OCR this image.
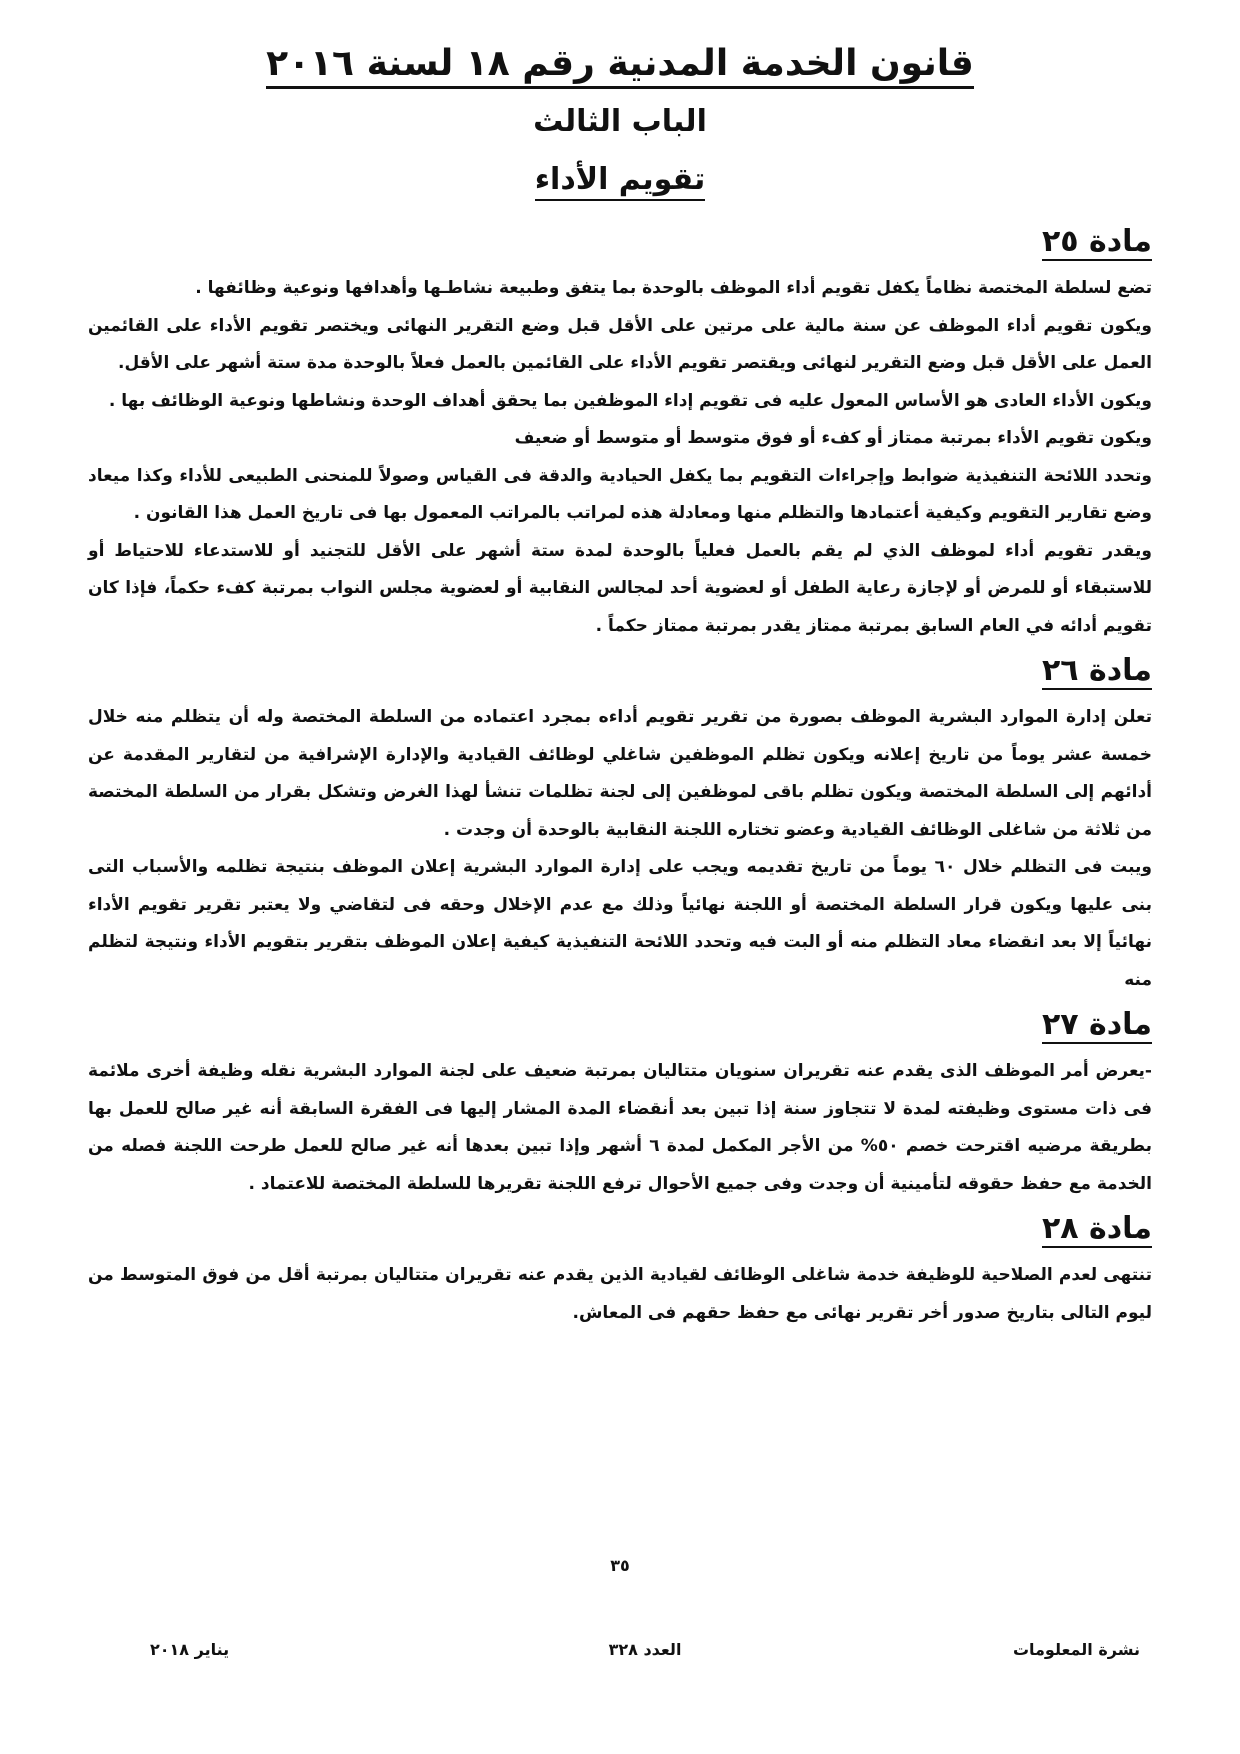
قانون الخدمة المدنية رقم ١٨ لسنة ٢٠١٦
الباب الثالث
تقويم الأداء
مادة ٢٥

تضع لسلطة المختصة نظاماً يكفل تقويم أداء الموظف بالوحدة بما يتفق وطبيعة نشاطـها وأهدافها ونوعية وظائفها .

ويكون تقويم أداء الموظف عن سنة مالية على مرتين على الأقل قبل وضع التقرير النهائى ويختصر تقويم الأداء على القائمين العمل على الأقل قبل وضع التقرير لنهائى ويقتصر تقويم الأداء على القائمين بالعمل فعلاً بالوحدة مدة ستة أشهر على الأقل.

ويكون الأداء العادى هو الأساس المعول عليه فى تقويم إداء الموظفين بما يحقق أهداف الوحدة ونشاطها ونوعية الوظائف بها .

ويكون تقويم الأداء بمرتبة ممتاز أو كفء أو فوق متوسط أو متوسط أو ضعيف

وتحدد اللائحة التنفيذية ضوابط وإجراءات التقويم بما يكفل الحيادية والدقة فى القياس وصولاً للمنحنى الطبيعى للأداء وكذا ميعاد وضع تقارير التقويم وكيفية أعتمادها والتظلم منها ومعادلة هذه لمراتب بالمراتب المعمول بها فى تاريخ العمل هذا القانون .

ويقدر تقويم أداء لموظف الذي لم يقم بالعمل فعلياً بالوحدة لمدة ستة أشهر على الأقل للتجنيد أو للاستدعاء للاحتياط أو للاستبقاء أو للمرض أو لإجازة رعاية الطفل أو لعضوية أحد لمجالس النقابية أو لعضوية مجلس النواب بمرتبة كفء حكماً، فإذا كان تقويم أدائه في العام السابق بمرتبة ممتاز يقدر بمرتبة ممتاز حكماً .

مادة ٢٦

تعلن إدارة الموارد البشرية الموظف بصورة من تقرير تقويم أداءه بمجرد اعتماده من السلطة المختصة وله أن يتظلم منه خلال خمسة عشر يوماً من تاريخ إعلانه ويكون تظلم الموظفين شاغلي لوظائف القيادية والإدارة الإشرافية من لتقارير المقدمة عن أدائهم إلى السلطة المختصة ويكون تظلم باقى لموظفين إلى لجنة تظلمات تنشأ لهذا الغرض وتشكل بقرار من السلطة المختصة من ثلاثة من شاغلى الوظائف القيادية وعضو تختاره اللجنة النقابية بالوحدة أن وجدت .

ويبت فى التظلم خلال ٦٠ يوماً من تاريخ تقديمه ويجب على إدارة الموارد البشرية إعلان الموظف بنتيجة تظلمه والأسباب التى بنى عليها ويكون قرار السلطة المختصة أو اللجنة نهائياً وذلك مع عدم الإخلال وحقه فى لتقاضي ولا يعتبر تقرير تقويم الأداء نهائياً إلا بعد انقضاء معاد التظلم منه أو البت فيه وتحدد اللائحة التنفيذية كيفية إعلان الموظف بتقرير بتقويم الأداء ونتيجة لتظلم منه

مادة ٢٧

-يعرض أمر الموظف الذى يقدم عنه تقريران سنويان متتاليان بمرتبة ضعيف على لجنة الموارد البشرية نقله وظيفة أخرى ملائمة فى ذات مستوى وظيفته لمدة لا تتجاوز سنة إذا تبين بعد أنقضاء المدة المشار إليها فى الفقرة السابقة أنه غير صالح للعمل بها بطريقة مرضيه اقترحت خصم ٥٠% من الأجر المكمل لمدة ٦ أشهر وإذا تبين بعدها أنه غير صالح للعمل طرحت اللجنة فصله من الخدمة مع حفظ حقوقه لتأمينية أن وجدت وفى جميع الأحوال ترفع اللجنة تقريرها للسلطة المختصة للاعتماد .

مادة ٢٨

تنتهى لعدم الصلاحية للوظيفة خدمة شاغلى الوظائف لقيادية الذين يقدم عنه تقريران متتاليان بمرتبة أقل من فوق المتوسط من ليوم التالى بتاريخ صدور أخر تقرير نهائى مع حفظ حقهم فى المعاش.

٣٥
نشرة المعلومات
العدد ٣٢٨
يناير ٢٠١٨
